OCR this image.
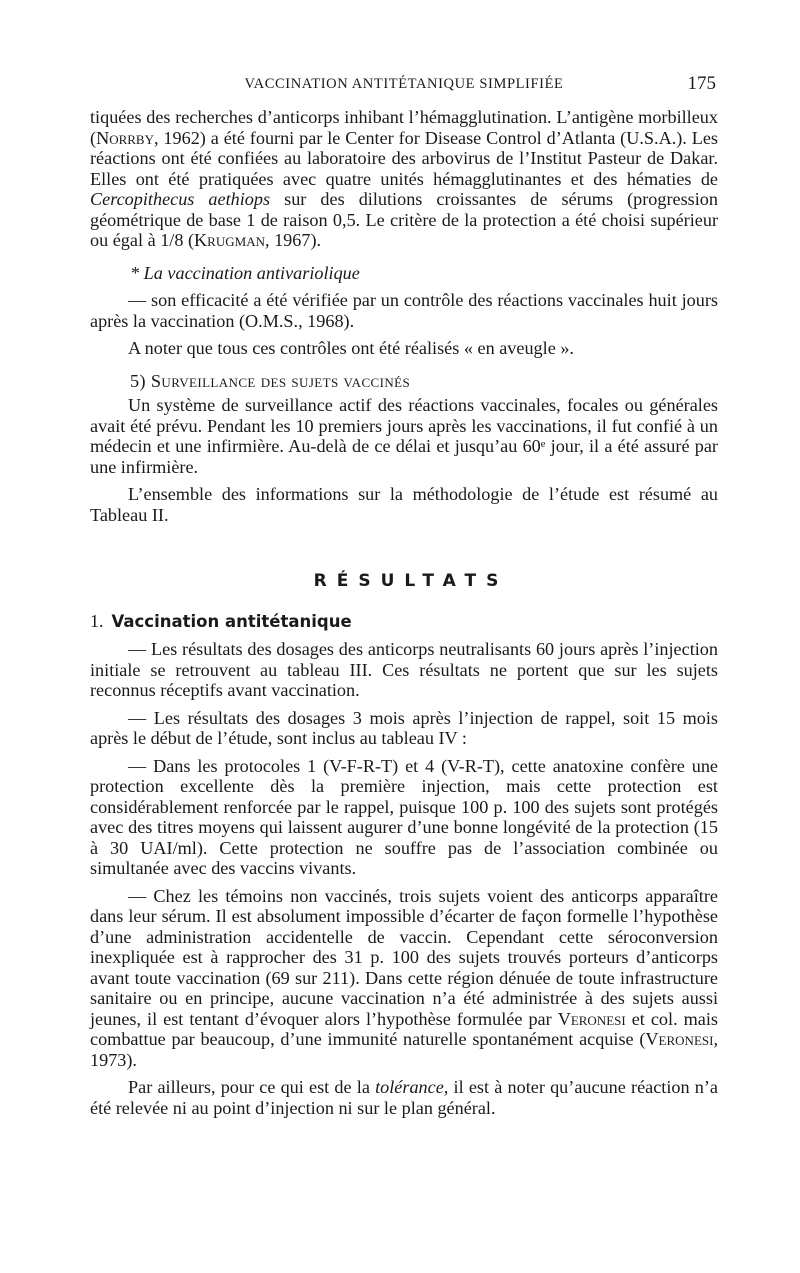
VACCINATION ANTITÉTANIQUE SIMPLIFIÉE	175

tiquées des recherches d’anticorps inhibant l’hémagglutination. L’antigène morbilleux (Norrby, 1962) a été fourni par le Center for Disease Control d’Atlanta (U.S.A.). Les réactions ont été confiées au laboratoire des arbovirus de l’Institut Pasteur de Dakar. Elles ont été pratiquées avec quatre unités hémagglutinantes et des hématies de Cercopithecus aethiops sur des dilutions croissantes de sérums (progression géométrique de base 1 de raison 0,5. Le critère de la protection a été choisi supérieur ou égal à 1/8 (Krugman, 1967).

* La vaccination antivariolique

— son efficacité a été vérifiée par un contrôle des réactions vaccinales huit jours après la vaccination (O.M.S., 1968).

A noter que tous ces contrôles ont été réalisés « en aveugle ».

5) Surveillance des sujets vaccinés

Un système de surveillance actif des réactions vaccinales, focales ou générales avait été prévu. Pendant les 10 premiers jours après les vaccinations, il fut confié à un médecin et une infirmière. Au-delà de ce délai et jusqu’au 60ᵉ jour, il a été assuré par une infirmière.

L’ensemble des informations sur la méthodologie de l’étude est résumé au Tableau II.

RÉSULTATS
1. Vaccination antitétanique

— Les résultats des dosages des anticorps neutralisants 60 jours après l’injection initiale se retrouvent au tableau III. Ces résultats ne portent que sur les sujets reconnus réceptifs avant vaccination.

— Les résultats des dosages 3 mois après l’injection de rappel, soit 15 mois après le début de l’étude, sont inclus au tableau IV :

— Dans les protocoles 1 (V-F-R-T) et 4 (V-R-T), cette anatoxine confère une protection excellente dès la première injection, mais cette protection est considérablement renforcée par le rappel, puisque 100 p. 100 des sujets sont protégés avec des titres moyens qui laissent augurer d’une bonne longévité de la protection (15 à 30 UAI/ml). Cette protection ne souffre pas de l’association combinée ou simultanée avec des vaccins vivants.

— Chez les témoins non vaccinés, trois sujets voient des anticorps apparaître dans leur sérum. Il est absolument impossible d’écarter de façon formelle l’hypothèse d’une administration accidentelle de vaccin. Cependant cette séroconversion inexpliquée est à rapprocher des 31 p. 100 des sujets trouvés porteurs d’anticorps avant toute vaccination (69 sur 211). Dans cette région dénuée de toute infrastructure sanitaire ou en principe, aucune vaccination n’a été administrée à des sujets aussi jeunes, il est tentant d’évoquer alors l’hypothèse formulée par Veronesi et col. mais combattue par beaucoup, d’une immunité naturelle spontanément acquise (Veronesi, 1973).

Par ailleurs, pour ce qui est de la tolérance, il est à noter qu’aucune réaction n’a été relevée ni au point d’injection ni sur le plan général.
